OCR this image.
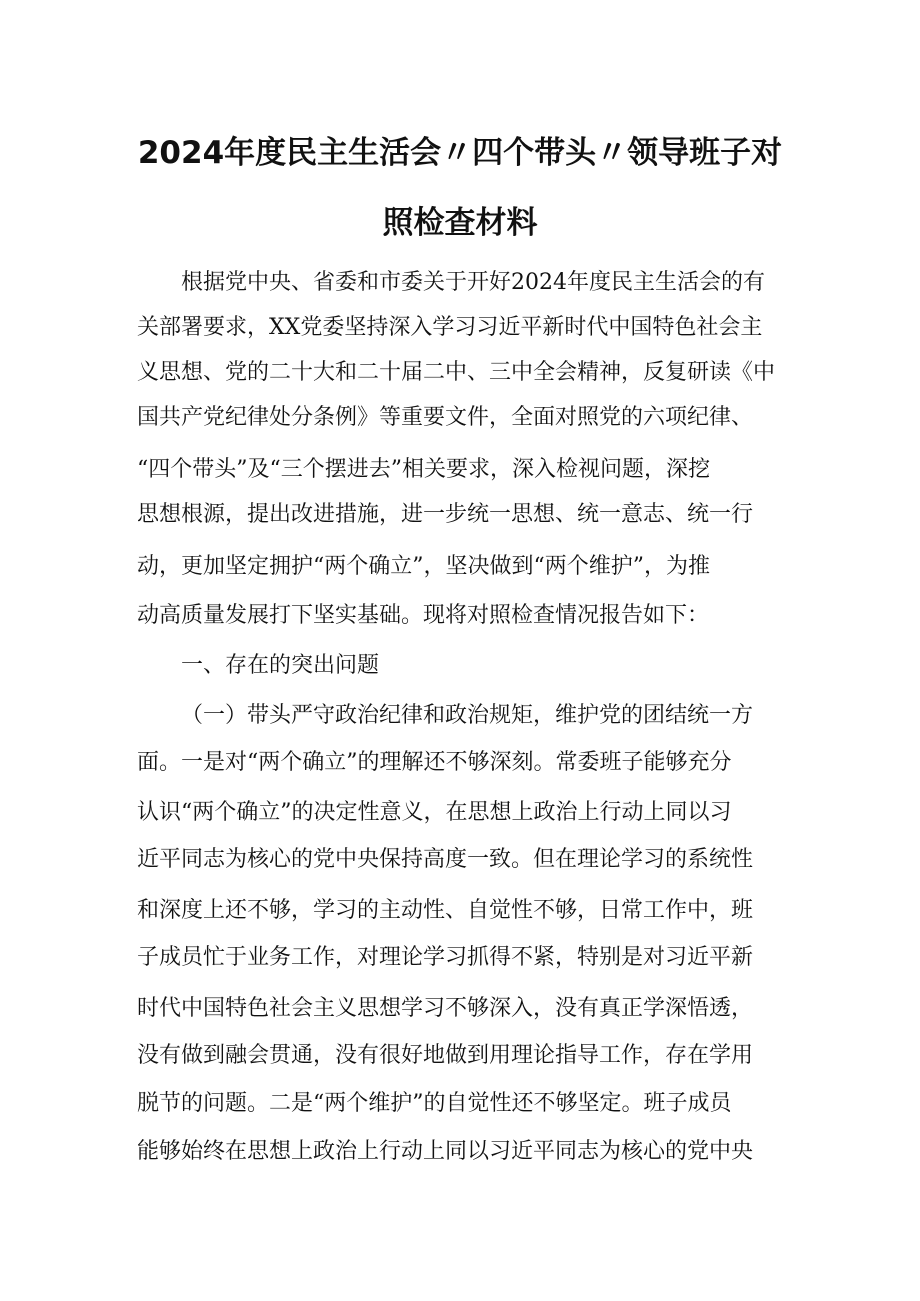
2024年度民主生活会〃四个带头〃领导班子对
照检查材料

根据党中央、省委和市委关于开好2024年度民主生活会的有

关部署要求，XX党委坚持深入学习习近平新时代中国特色社会主

义思想、党的二十大和二十届二中、三中全会精神，反复研读《中

国共产党纪律处分条例》等重要文件，全面对照党的六项纪律、

“四个带头”及“三个摆进去”相关要求，深入检视问题，深挖

思想根源，提出改进措施，进一步统一思想、统一意志、统一行

动，更加坚定拥护“两个确立”，坚决做到“两个维护”，为推

动高质量发展打下坚实基础。现将对照检查情况报告如下：

一、存在的突出问题

（一）带头严守政治纪律和政治规矩，维护党的团结统一方

面。一是对“两个确立”的理解还不够深刻。常委班子能够充分

认识“两个确立”的决定性意义，在思想上政治上行动上同以习

近平同志为核心的党中央保持高度一致。但在理论学习的系统性

和深度上还不够，学习的主动性、自觉性不够，日常工作中，班

子成员忙于业务工作，对理论学习抓得不紧，特别是对习近平新

时代中国特色社会主义思想学习不够深入，没有真正学深悟透，

没有做到融会贯通，没有很好地做到用理论指导工作，存在学用

脱节的问题。二是“两个维护”的自觉性还不够坚定。班子成员

能够始终在思想上政治上行动上同以习近平同志为核心的党中央
